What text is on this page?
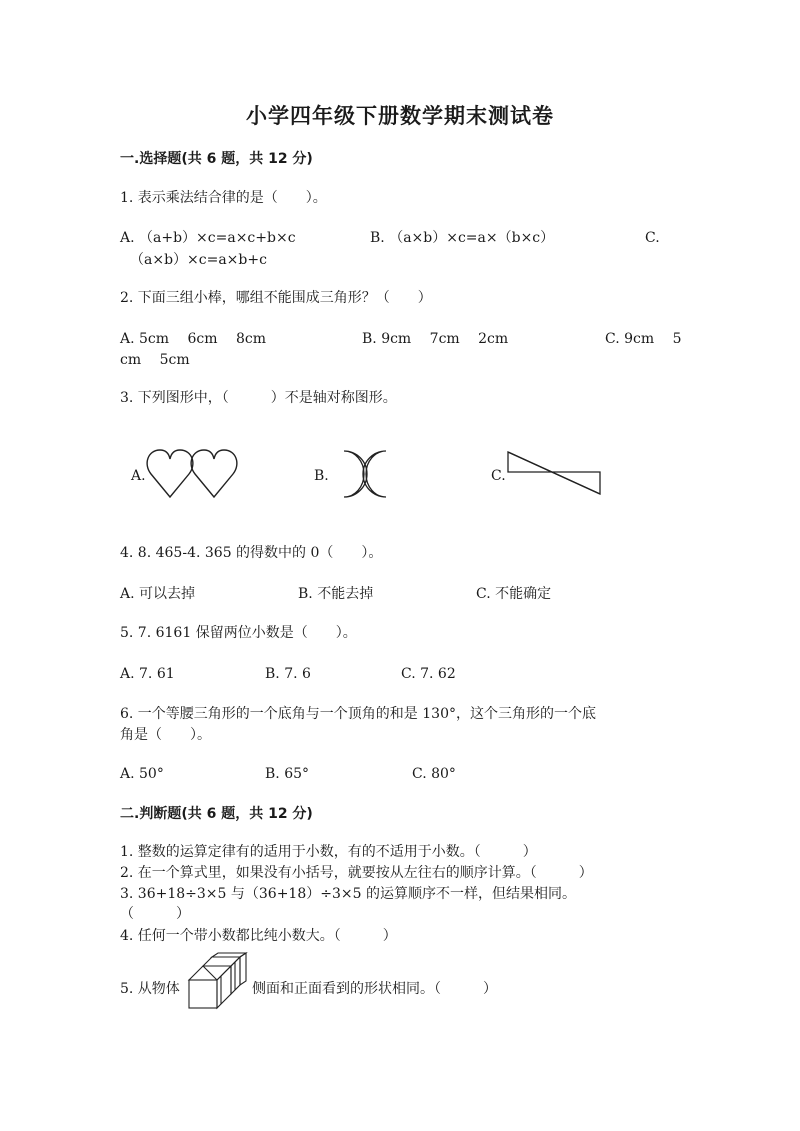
小学四年级下册数学期末测试卷
一.选择题(共 6 题，共 12 分)
1. 表示乘法结合律的是（　　）。
A. （a+b）×c=a×c+b×c	B. （a×b）×c=a×（b×c）	C.
（a×b）×c=a×b+c
2. 下面三组小棒，哪组不能围成三角形？（　　）
A. 5cm　 6cm　 8cm	B. 9cm　 7cm　 2cm	C. 9cm　 5
cm　 5cm
3. 下列图形中，（　　　）不是轴对称图形。
A.	B.	C.
4. 8. 465-4. 365 的得数中的 0（　　）。
A. 可以去掉	B. 不能去掉	C. 不能确定
5. 7. 6161 保留两位小数是（　　）。
A. 7. 61	B. 7. 6	C. 7. 62
6. 一个等腰三角形的一个底角与一个顶角的和是 130°，这个三角形的一个底
角是（　　）。
A. 50°	B. 65°	C. 80°
二.判断题(共 6 题，共 12 分)
1. 整数的运算定律有的适用于小数，有的不适用于小数。（　　　）
2. 在一个算式里，如果没有小括号，就要按从左往右的顺序计算。（　　　）
3. 36+18÷3×5 与（36+18）÷3×5 的运算顺序不一样，但结果相同。
（　　　）
4. 任何一个带小数都比纯小数大。（　　　）
5. 从物体	侧面和正面看到的形状相同。（　　　）
